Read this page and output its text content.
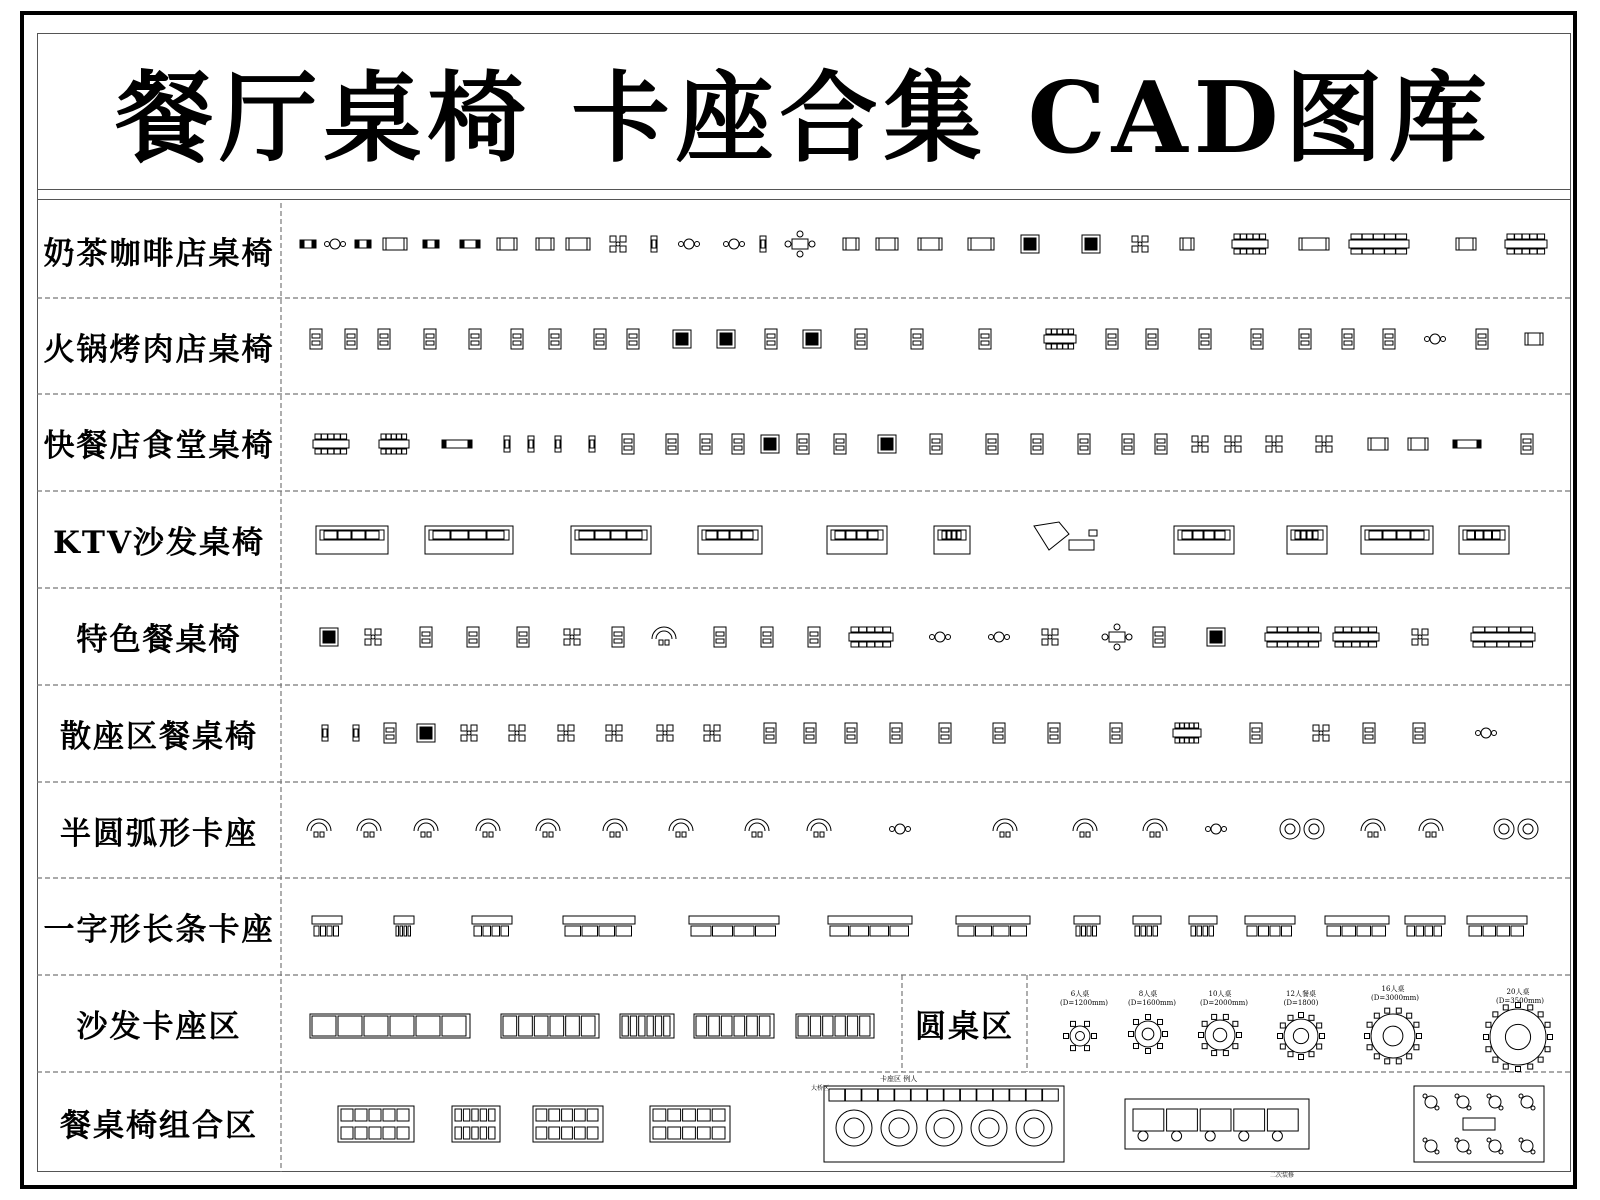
餐厅桌椅 卡座合集 CAD图库
奶茶咖啡店桌椅
火锅烤肉店桌椅
快餐店食堂桌椅
KTV沙发桌椅
特色餐桌椅
散座区餐桌椅
半圆弧形卡座
一字形长条卡座
沙发卡座区
餐桌椅组合区
圆桌区
6人桌
(D=1200mm)
8人桌
(D=1600mm)
10人桌
(D=2000mm)
12人餐桌
(D=1800)
16人桌
(D=3000mm)
20人桌
(D=3500mm)
卡座区 例人
大桥区
二次装修
